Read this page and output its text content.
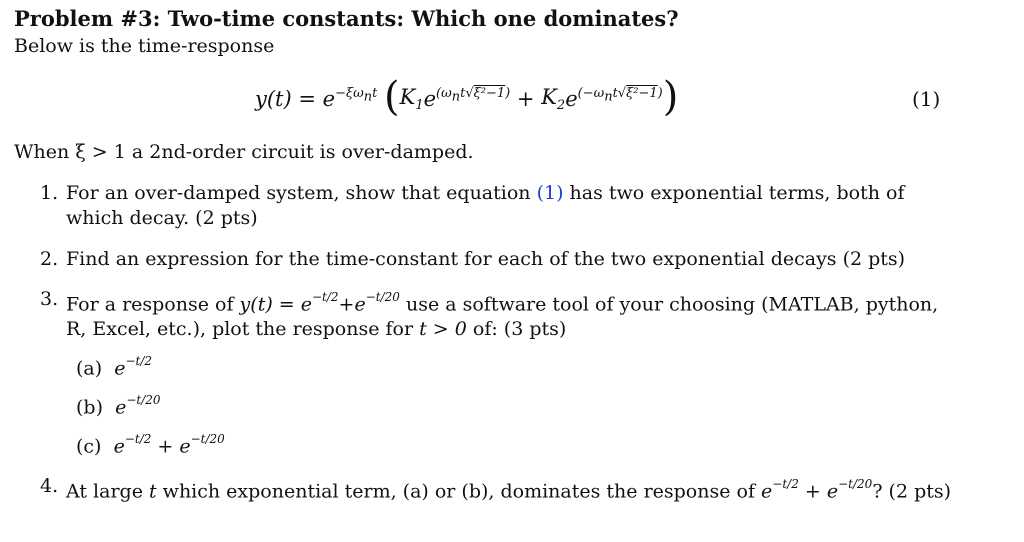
Problem #3: Two-time constants: Which one dominates?
Below is the time-response
y(t) = e $^{-\xi\omega_nt}$
( $K_1$ e $^{(\omega_nt√\xi^2-1)} + K_2$ e $^{(-\omega_nt√\xi^2-1)}$ )	(1)
When ξ > 1 a 2nd-order circuit is over-damped.
1. For an over-damped system, show that equation (1) has two exponential terms, both of which decay. (2 pts)
2. Find an expression for the time-constant for each of the two exponential decays (2 pts)
3. For a response of $y(t) = e^{-t/2}+e^{-t/20}$ use a software tool of your choosing (MATLAB, python, R, Excel, etc.), plot the response for t > 0 of: (3 pts)
(a) $e^{-t/2}$
(b) $e^{-t/20}$
(c) $e^{-t/2} + e^{-t/20}$
4. At large t which exponential term, (a) or (b), dominates the response of $e^{-t/2} + e^{-t/20}$? (2 pts)
